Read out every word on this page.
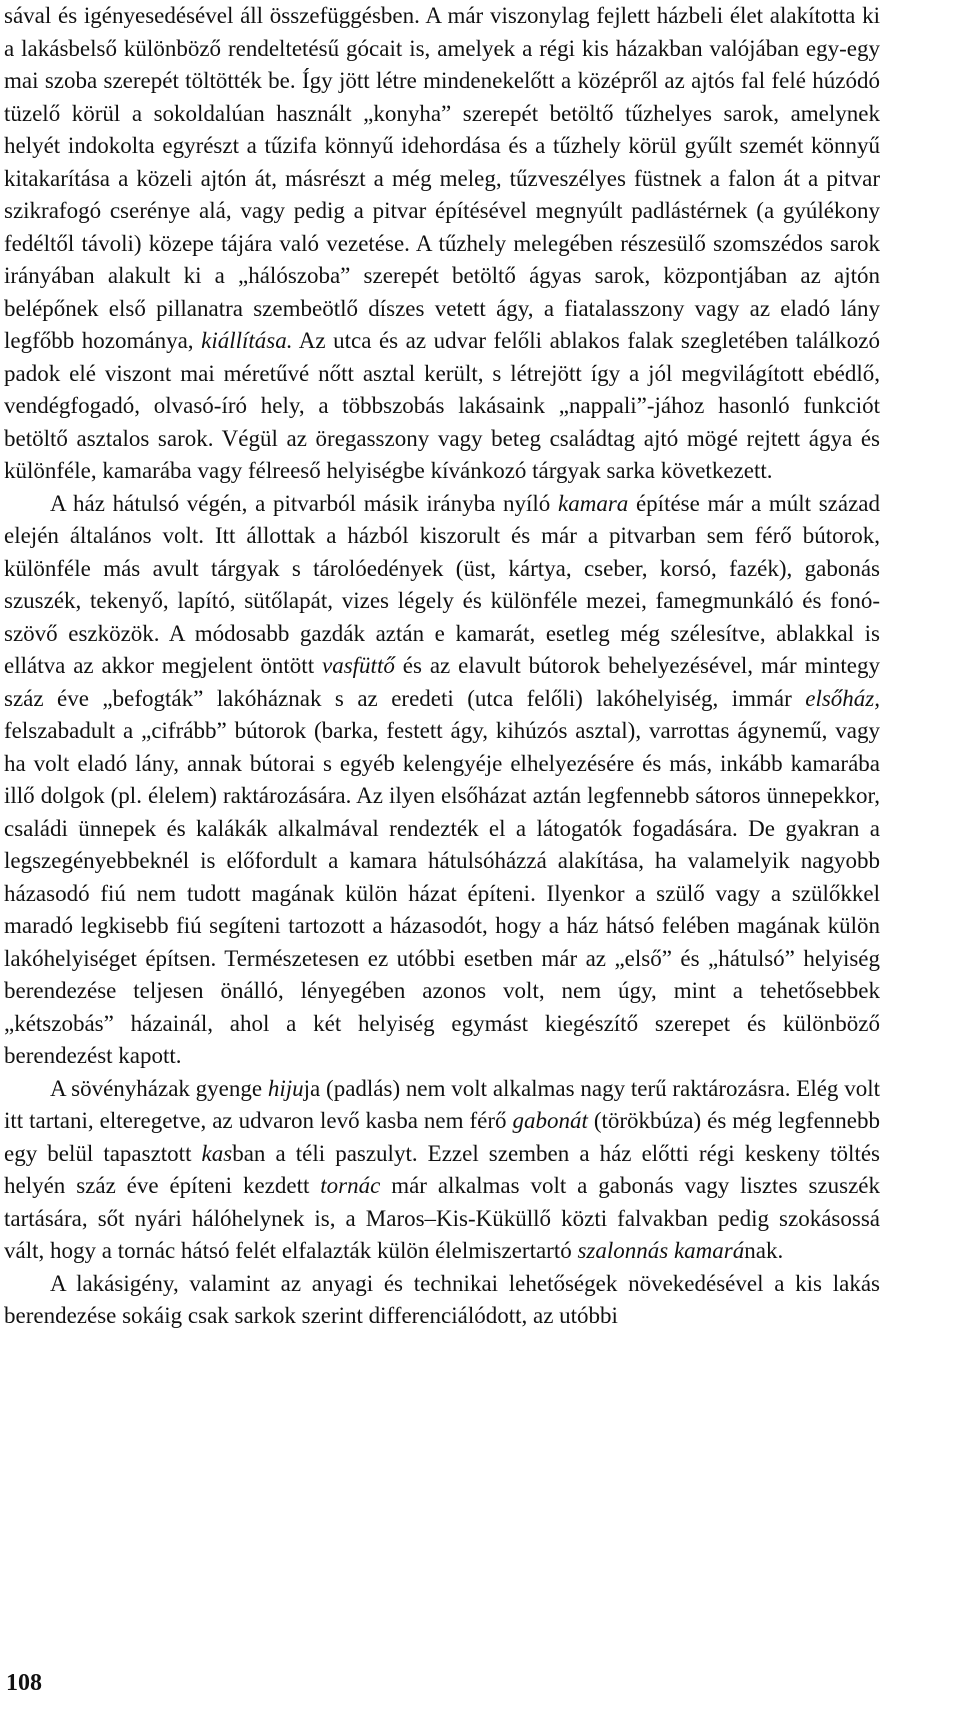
sával és igényesedésével áll összefüggésben. A már viszonylag fejlett házbeli élet alakította ki a lakásbelső különböző rendeltetésű gócait is, amelyek a régi kis házakban valójában egy-egy mai szoba szerepét töltötték be. Így jött létre mindenekelőtt a középről az ajtós fal felé húzódó tüzelő körül a sokoldalúan használt „konyha” szerepét betöltő tűzhelyes sarok, amelynek helyét indokolta egyrészt a tűzifa könnyű idehordása és a tűzhely körül gyűlt szemét könnyű kitakarítása a közeli ajtón át, másrészt a még meleg, tűzveszélyes füstnek a falon át a pitvar szikrafogó cserénye alá, vagy pedig a pitvar építésével megnyúlt padlástérnek (a gyúlékony fedéltől távoli) közepe tájára való vezetése. A tűzhely melegében részesülő szomszédos sarok irányában alakult ki a „hálószoba” szerepét betöltő ágyas sarok, központjában az ajtón belépőnek első pillanatra szembeötlő díszes vetett ágy, a fiatalasszony vagy az eladó lány legfőbb hozománya, kiállítása. Az utca és az udvar felőli ablakos falak szegletében találkozó padok elé viszont mai méretűvé nőtt asztal került, s létrejött így a jól megvilágított ebédlő, vendégfogadó, olvasó-író hely, a többszobás lakásaink „nappali”-jához hasonló funkciót betöltő asztalos sarok. Végül az öregasszony vagy beteg családtag ajtó mögé rejtett ágya és különféle, kamarába vagy félreeső helyiségbe kívánkozó tárgyak sarka következett.

A ház hátulsó végén, a pitvarból másik irányba nyíló kamara építése már a múlt század elején általános volt. Itt állottak a házból kiszorult és már a pitvarban sem férő bútorok, különféle más avult tárgyak s tárolóedények (üst, kártya, cseber, korsó, fazék), gabonás szuszék, tekenyő, lapító, sütőlapát, vizes légely és különféle mezei, famegmunkáló és fonó-szövő eszközök. A módosabb gazdák aztán e kamarát, esetleg még szélesítve, ablakkal is ellátva az akkor megjelent öntött vasfüttő és az elavult bútorok behelyezésével, már mintegy száz éve „befogták” lakóháznak s az eredeti (utca felőli) lakóhelyiség, immár elsőház, felszabadult a „cifrább” bútorok (barka, festett ágy, kihúzós asztal), varrottas ágynemű, vagy ha volt eladó lány, annak bútorai s egyéb kelengyéje elhelyezésére és más, inkább kamarába illő dolgok (pl. élelem) raktározására. Az ilyen elsőházat aztán legfennebb sátoros ünnepekkor, családi ünnepek és kalákák alkalmával rendezték el a látogatók fogadására. De gyakran a legszegényebbeknél is előfordult a kamara hátulsóházzá alakítása, ha valamelyik nagyobb házasodó fiú nem tudott magának külön házat építeni. Ilyenkor a szülő vagy a szülőkkel maradó legkisebb fiú segíteni tartozott a házasodót, hogy a ház hátsó felében magának külön lakóhelyiséget építsen. Természetesen ez utóbbi esetben már az „első” és „hátulsó” helyiség berendezése teljesen önálló, lényegében azonos volt, nem úgy, mint a tehetősebbek „kétszobás” házainál, ahol a két helyiség egymást kiegészítő szerepet és különböző berendezést kapott.

A sövényházak gyenge hijuja (padlás) nem volt alkalmas nagy terű raktározásra. Elég volt itt tartani, elteregetve, az udvaron levő kasba nem férő gabonát (törökbúza) és még legfennebb egy belül tapasztott kasban a téli paszulyt. Ezzel szemben a ház előtti régi keskeny töltés helyén száz éve építeni kezdett tornác már alkalmas volt a gabonás vagy lisztes szuszék tartására, sőt nyári hálóhelynek is, a Maros–Kis-Küküllő közti falvakban pedig szokásossá vált, hogy a tornác hátsó felét elfalazták külön élelmiszertartó szalonnás kamarának.

A lakásigény, valamint az anyagi és technikai lehetőségek növekedésével a kis lakás berendezése sokáig csak sarkok szerint differenciálódott, az utóbbi

108
